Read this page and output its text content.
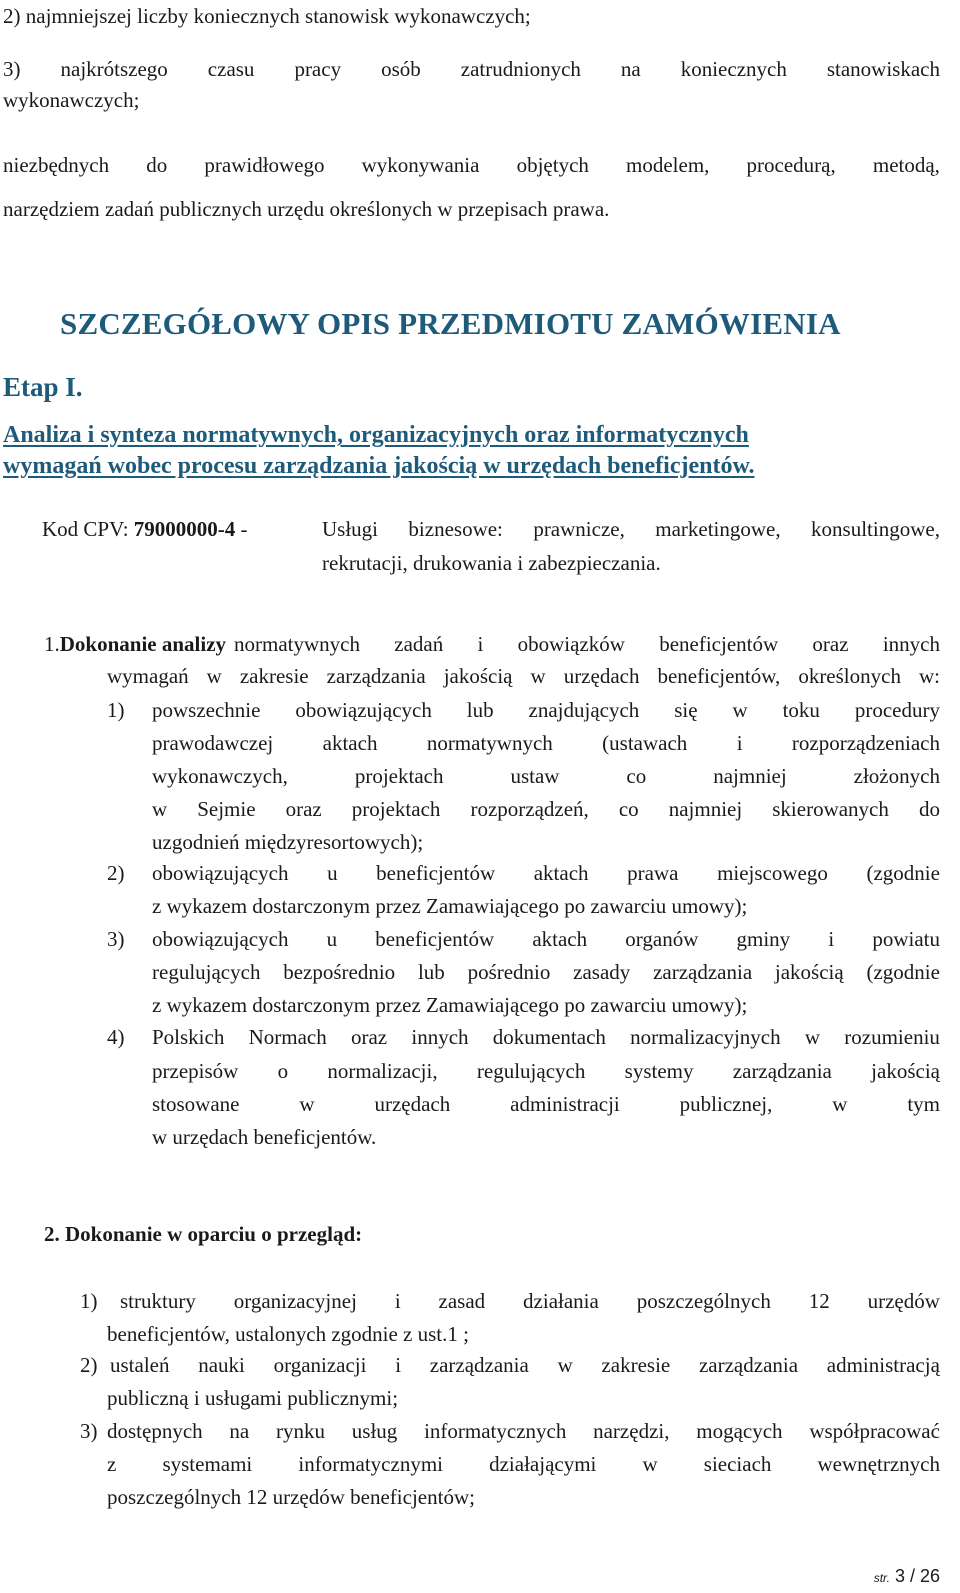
2) najmniejszej liczby koniecznych stanowisk wykonawczych;

3) najkrótszego czasu pracy osób zatrudnionych na koniecznych stanowiskach

wykonawczych;

niezbędnych do prawidłowego wykonywania objętych modelem, procedurą, metodą,

narzędziem zadań publicznych urzędu określonych w przepisach prawa.

SZCZEGÓŁOWY OPIS PRZEDMIOTU ZAMÓWIENIA
Etap I.

Analiza i synteza normatywnych, organizacyjnych oraz informatycznych

wymagań wobec procesu zarządzania jakością w urzędach beneficjentów.

Kod CPV: 79000000-4 -	Usługi biznesowe: prawnicze, marketingowe, konsultingowe,

rekrutacji, drukowania i zabezpieczania.

1. Dokonanie analizy normatywnych zadań i obowiązków beneficjentów oraz innych

wymagań w zakresie zarządzania jakością w urzędach beneficjentów, określonych w:

1) powszechnie obowiązujących lub znajdujących się w toku procedury

prawodawczej aktach normatywnych (ustawach i rozporządzeniach

wykonawczych,	projektach	ustaw	co	najmniej	złożonych

w Sejmie oraz projektach rozporządzeń, co najmniej skierowanych do

uzgodnień międzyresortowych);

2) obowiązujących u beneficjentów aktach prawa miejscowego (zgodnie

z wykazem dostarczonym przez Zamawiającego po zawarciu umowy);

3) obowiązujących u beneficjentów aktach organów gminy i powiatu

regulujących bezpośrednio lub pośrednio zasady zarządzania jakością (zgodnie

z wykazem dostarczonym przez Zamawiającego po zawarciu umowy);

4) Polskich Normach oraz innych dokumentach normalizacyjnych w rozumieniu

przepisów o normalizacji, regulujących systemy zarządzania jakością

stosowane	w	urzędach	administracji	publicznej,	w	tym

w urzędach beneficjentów.

2. Dokonanie w oparciu o przegląd:

1) struktury organizacyjnej i zasad działania poszczególnych 12 urzędów

beneficjentów, ustalonych zgodnie z ust.1 ;

2) ustaleń nauki organizacji i zarządzania w zakresie zarządzania administracją

publiczną i usługami publicznymi;

3) dostępnych na rynku usług informatycznych narzędzi, mogących współpracować

z systemami informatycznymi działającymi w sieciach wewnętrznych

poszczególnych 12 urzędów beneficjentów;

str. 3 / 26
